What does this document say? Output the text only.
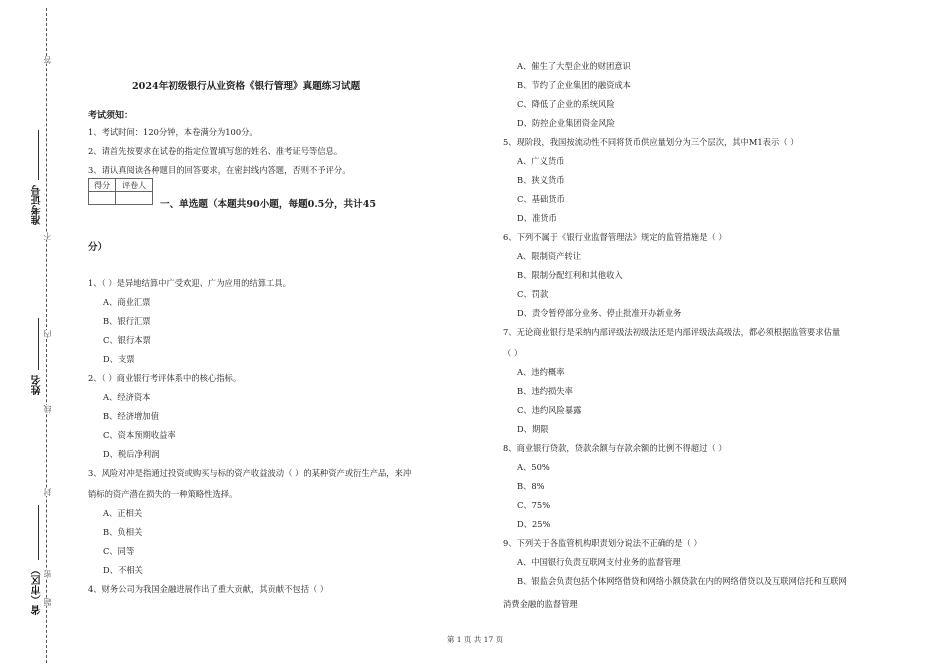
答
不
内
线
封
密
题
准考证号
姓名
省（市区）
2024年初级银行从业资格《银行管理》真题练习试题
考试须知：
1、考试时间：120分钟，本卷满分为100分。
2、请首先按要求在试卷的指定位置填写您的姓名、准考证号等信息。
3、请认真阅读各种题目的回答要求，在密封线内答题，否则不予评分。
得分	评卷人

一、单选题（本题共90小题，每题0.5分，共计45
分）
1、（ ）是异地结算中广受欢迎、广为应用的结算工具。
A、商业汇票
B、银行汇票
C、银行本票
D、支票
2、（ ）商业银行考评体系中的核心指标。
A、经济资本
B、经济增加值
C、资本预期收益率
D、税后净利润
3、风险对冲是指通过投资或购买与标的资产收益波动（ ）的某种资产或衍生产品，来冲
销标的资产潜在损失的一种策略性选择。
A、正相关
B、负相关
C、同等
D、不相关
4、财务公司为我国金融进展作出了重大贡献，其贡献不包括（ ）
A、催生了大型企业的财团意识
B、节约了企业集团的融资成本
C、降低了企业的系统风险
D、防控企业集团资金风险
5、现阶段，我国按流动性不同将货币供应量划分为三个层次，其中M1表示（ ）
A、广义货币
B、狭义货币
C、基础货币
D、准货币
6、下列不属于《银行业监督管理法》规定的监管措施是（ ）
A、限制资产转让
B、限制分配红利和其他收入
C、罚款
D、责令暂停部分业务、停止批准开办新业务
7、无论商业银行是采纳内部评级法初级法还是内部评级法高级法，都必须根据监管要求估量
（ ）
A、违约概率
B、违约损失率
C、违约风险暴露
D、期限
8、商业银行贷款，贷款余额与存款余额的比例不得超过（ ）
A、50%
B、8%
C、75%
D、25%
9、下列关于各监管机构职责划分说法不正确的是（ ）
A、中国银行负责互联网支付业务的监督管理
B、银监会负责包括个体网络借贷和网络小额贷款在内的网络借贷以及互联网信托和互联网
消费金融的监督管理
第 1 页 共 17 页
